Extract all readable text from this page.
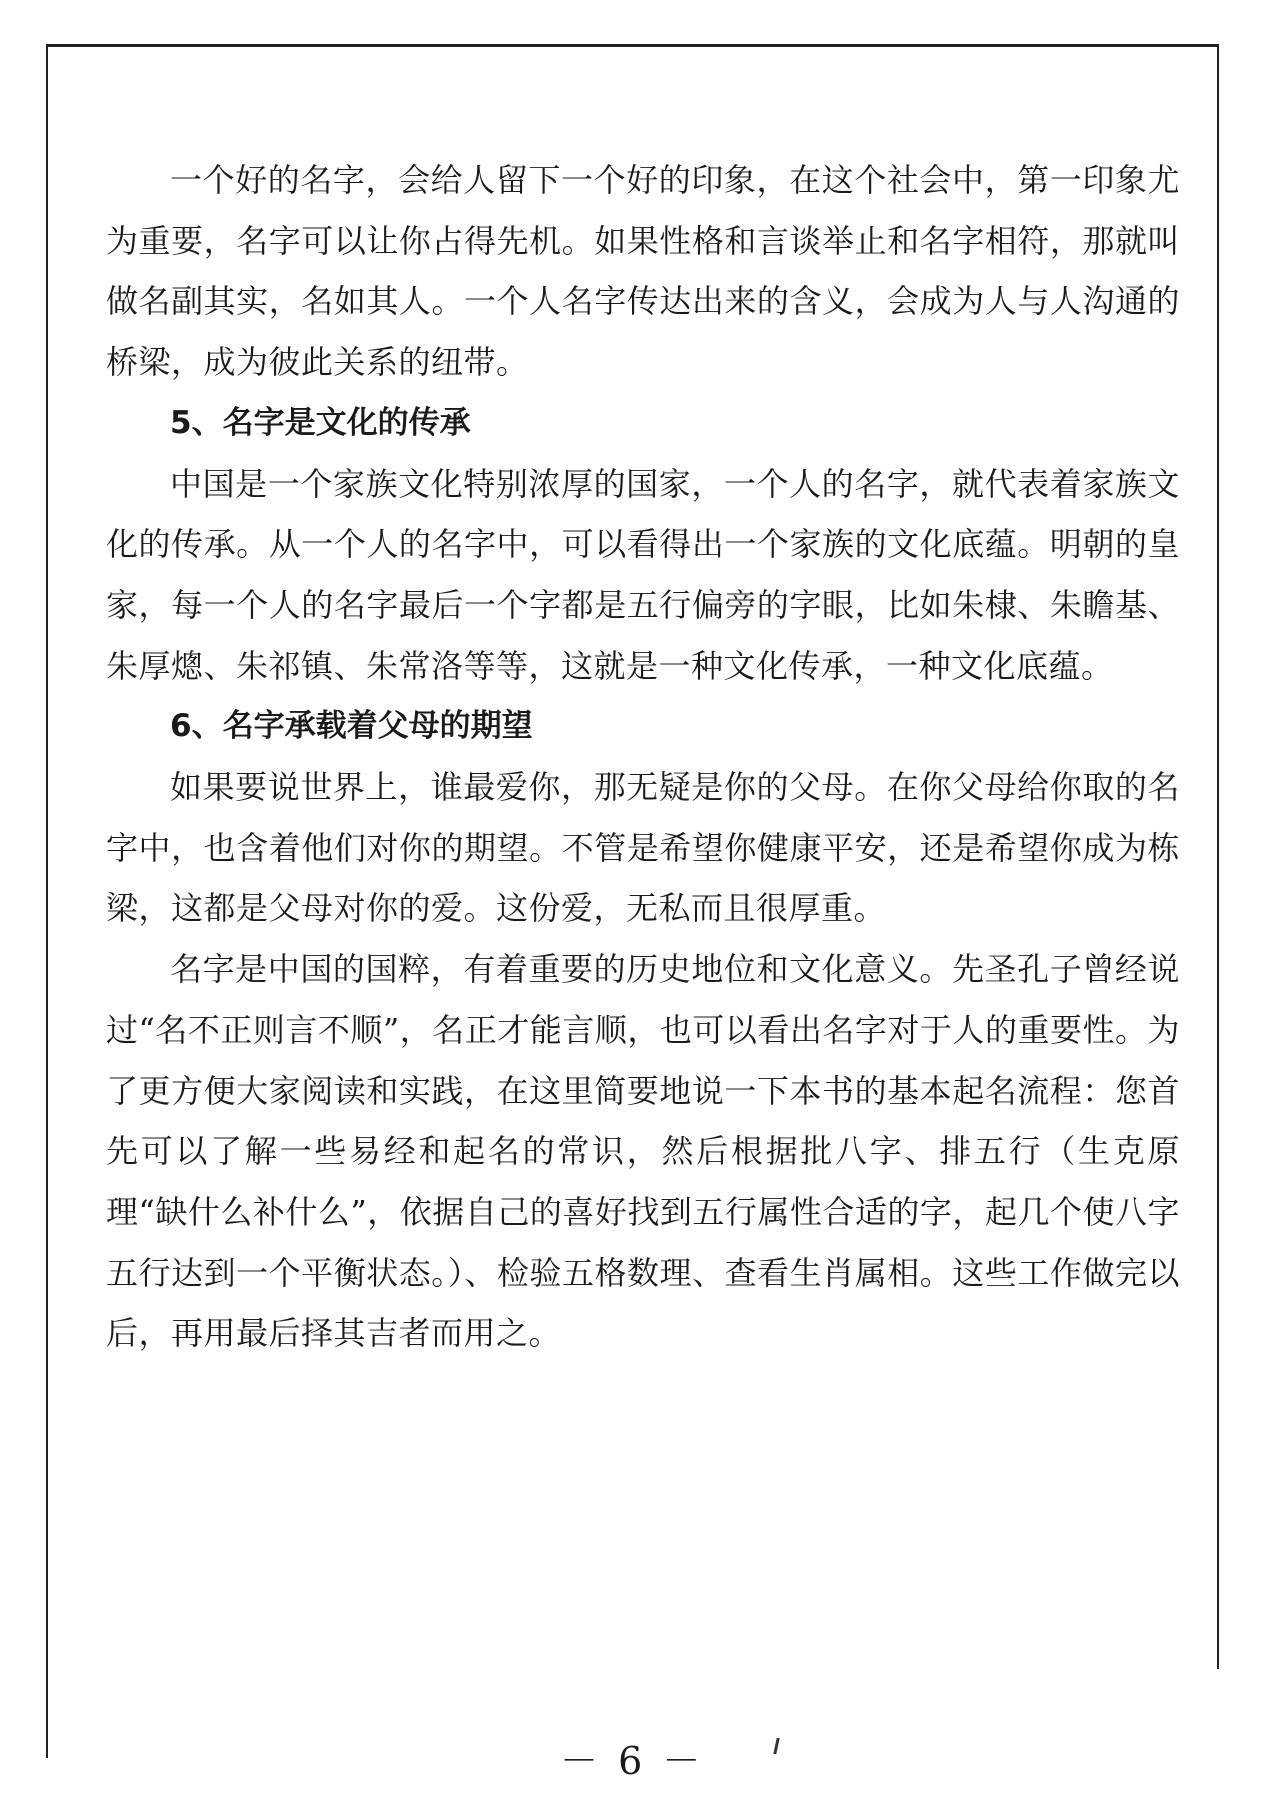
一个好的名字，会给人留下一个好的印象，在这个社会中，第一印象尤为重要，名字可以让你占得先机。如果性格和言谈举止和名字相符，那就叫做名副其实，名如其人。一个人名字传达出来的含义，会成为人与人沟通的桥梁，成为彼此关系的纽带。

5、名字是文化的传承

中国是一个家族文化特别浓厚的国家，一个人的名字，就代表着家族文化的传承。从一个人的名字中，可以看得出一个家族的文化底蕴。明朝的皇家，每一个人的名字最后一个字都是五行偏旁的字眼，比如朱棣、朱瞻基、朱厚熜、朱祁镇、朱常洛等等，这就是一种文化传承，一种文化底蕴。

6、名字承载着父母的期望

如果要说世界上，谁最爱你，那无疑是你的父母。在你父母给你取的名字中，也含着他们对你的期望。不管是希望你健康平安，还是希望你成为栋梁，这都是父母对你的爱。这份爱，无私而且很厚重。

名字是中国的国粹，有着重要的历史地位和文化意义。先圣孔子曾经说过“名不正则言不顺”，名正才能言顺，也可以看出名字对于人的重要性。为了更方便大家阅读和实践，在这里简要地说一下本书的基本起名流程：您首先可以了解一些易经和起名的常识，然后根据批八字、排五行（生克原理“缺什么补什么”，依据自己的喜好找到五行属性合适的字，起几个使八字五行达到一个平衡状态。）、检验五格数理、查看生肖属相。这些工作做完以后，再用最后择其吉者而用之。

－ 6 －
